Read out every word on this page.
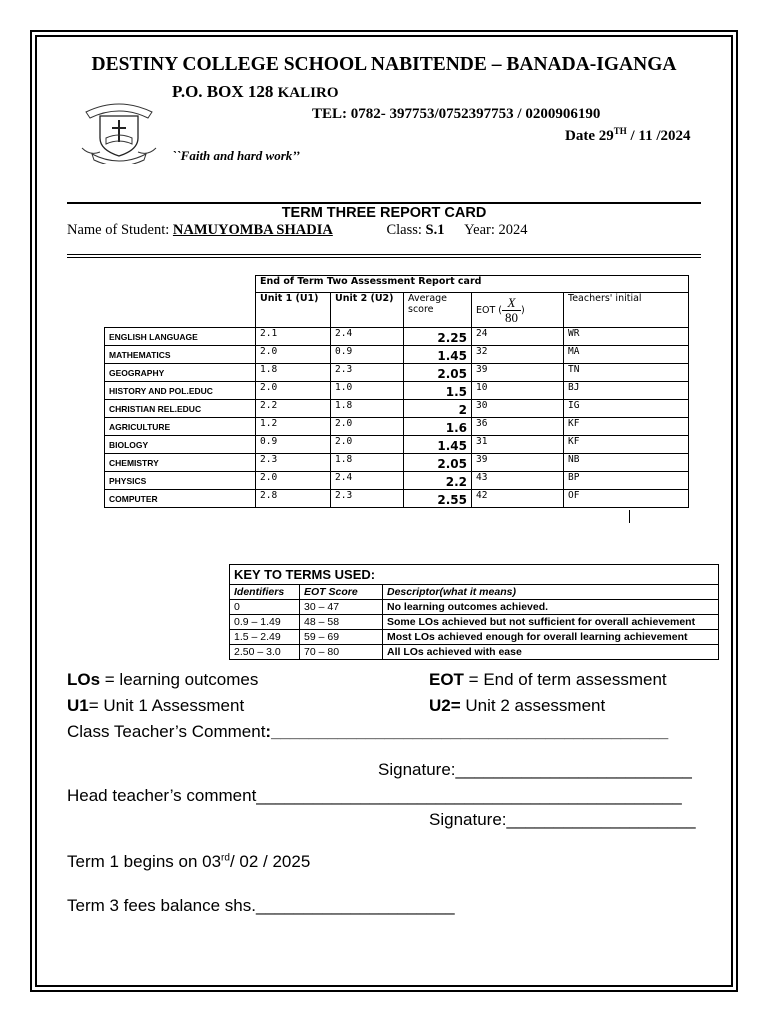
DESTINY COLLEGE SCHOOL NABITENDE – BANADA-IGANGA
P.O. BOX 128 KALIRO
TEL: 0782- 397753/0752397753 / 0200906190
Date 29TH / 11 /2024
``Faith and hard work’’
TERM THREE REPORT CARD
Name of Student: NAMUYOMBA SHADIA	Class: S.1 Year: 2024
	End of Term Two Assessment Report card				
	Unit 1 (U1)	Unit 2 (U2)	Average score	EOT ( $\frac{X}{80}$ )	Teachers' initial
ENGLISH LANGUAGE	2.1	2.4	2.25	24	WR
MATHEMATICS	2.0	0.9	1.45	32	MA
GEOGRAPHY	1.8	2.3	2.05	39	TN
HISTORY AND POL.EDUC	2.0	1.0	1.5	10	BJ
CHRISTIAN REL.EDUC	2.2	1.8	2	30	IG
AGRICULTURE	1.2	2.0	1.6	36	KF
BIOLOGY	0.9	2.0	1.45	31	KF
CHEMISTRY	2.3	1.8	2.05	39	NB
PHYSICS	2.0	2.4	2.2	43	BP
COMPUTER	2.8	2.3	2.55	42	OF
KEY TO TERMS USED:		
Identifiers	EOT Score	Descriptor(what it means)
0	30 – 47	No learning outcomes achieved.
0.9 – 1.49	48 – 58	Some LOs achieved but not sufficient for overall achievement
1.5 – 2.49	59 – 69	Most LOs achieved enough for overall learning achievement
2.50 – 3.0	70 – 80	All LOs achieved with ease
LOs = learning outcomes	EOT = End of term assessment
U1= Unit 1 Assessment	U2= Unit 2 assessment
Class Teacher’s Comment:__________________________________________
Signature:_________________________
Head teacher’s comment_____________________________________________
Signature:____________________
Term 1 begins on 03rd/ 02 / 2025
Term 3 fees balance shs._____________________
